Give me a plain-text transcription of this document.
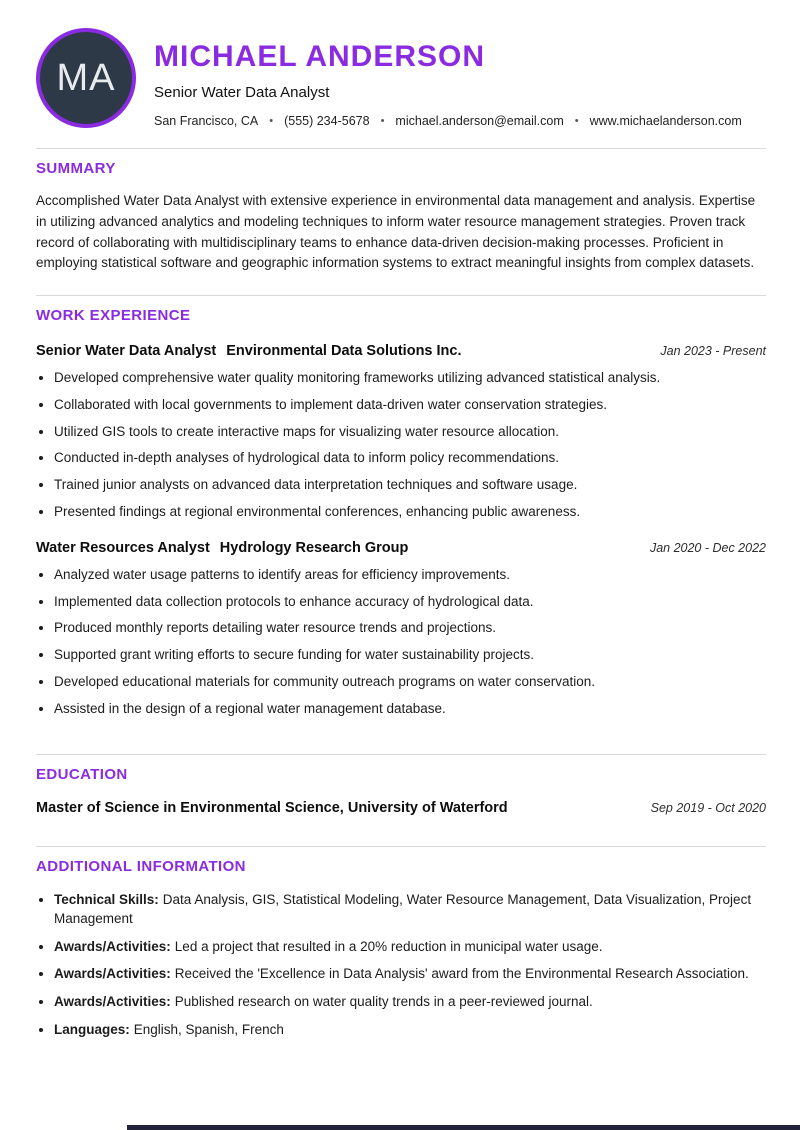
MA MICHAEL ANDERSON
Senior Water Data Analyst
San Francisco, CA • (555) 234-5678 • michael.anderson@email.com • www.michaelanderson.com
SUMMARY

Accomplished Water Data Analyst with extensive experience in environmental data management and analysis. Expertise in utilizing advanced analytics and modeling techniques to inform water resource management strategies. Proven track record of collaborating with multidisciplinary teams to enhance data-driven decision-making processes. Proficient in employing statistical software and geographic information systems to extract meaningful insights from complex datasets.

WORK EXPERIENCE
Senior Water Data Analyst Environmental Data Solutions Inc.	Jan 2023 - Present
• Developed comprehensive water quality monitoring frameworks utilizing advanced statistical analysis.
• Collaborated with local governments to implement data-driven water conservation strategies.
• Utilized GIS tools to create interactive maps for visualizing water resource allocation.
• Conducted in-depth analyses of hydrological data to inform policy recommendations.
• Trained junior analysts on advanced data interpretation techniques and software usage.
• Presented findings at regional environmental conferences, enhancing public awareness.
Water Resources Analyst Hydrology Research Group	Jan 2020 - Dec 2022
• Analyzed water usage patterns to identify areas for efficiency improvements.
• Implemented data collection protocols to enhance accuracy of hydrological data.
• Produced monthly reports detailing water resource trends and projections.
• Supported grant writing efforts to secure funding for water sustainability projects.
• Developed educational materials for community outreach programs on water conservation.
• Assisted in the design of a regional water management database.
EDUCATION
Master of Science in Environmental Science, University of Waterford	Sep 2019 - Oct 2020
ADDITIONAL INFORMATION
• Technical Skills: Data Analysis, GIS, Statistical Modeling, Water Resource Management, Data Visualization, Project Management
• Awards/Activities: Led a project that resulted in a 20% reduction in municipal water usage.
• Awards/Activities: Received the 'Excellence in Data Analysis' award from the Environmental Research Association.
• Awards/Activities: Published research on water quality trends in a peer-reviewed journal.
• Languages: English, Spanish, French
